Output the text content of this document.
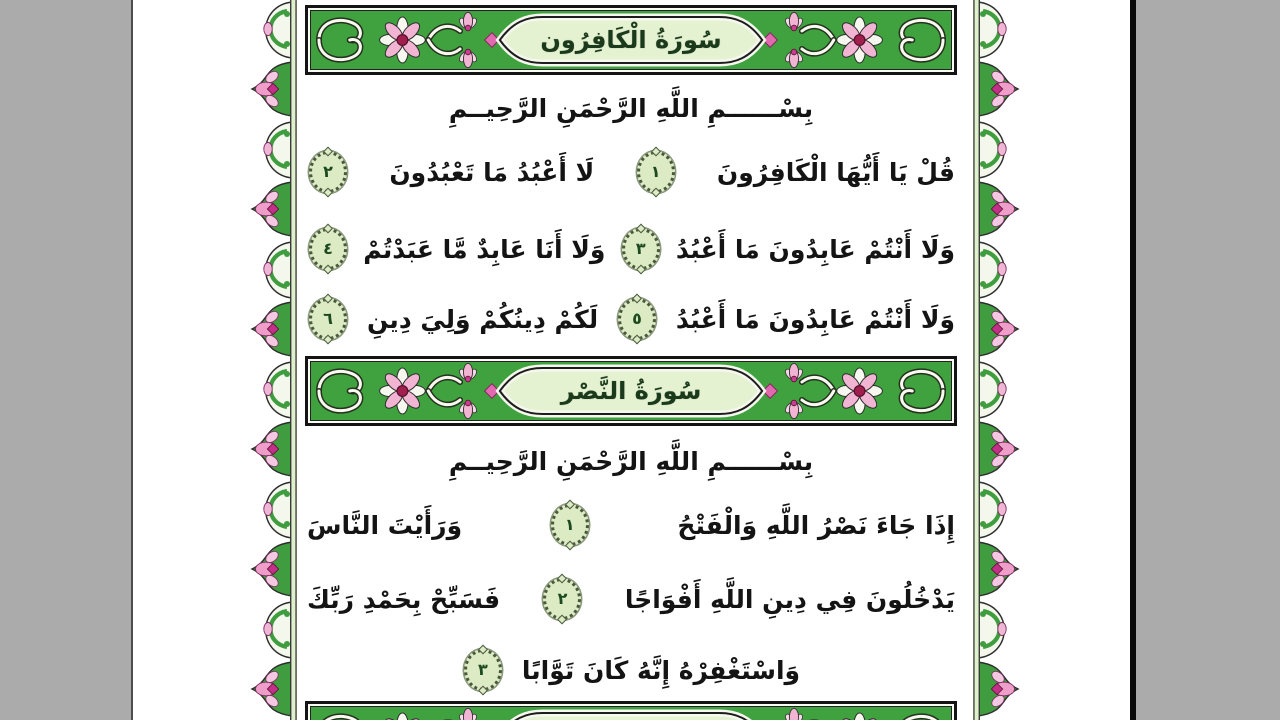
سُورَةُ الْكَافِرُون
بِسْــــــمِ اللَّهِ الرَّحْمَنِ الرَّحِيــمِ
قُلْ يَا أَيُّهَا الْكَافِرُونَ
١
لَا أَعْبُدُ مَا تَعْبُدُونَ
٢
وَلَا أَنْتُمْ عَابِدُونَ مَا أَعْبُدُ
٣
وَلَا أَنَا عَابِدٌ مَّا عَبَدْتُمْ
٤
وَلَا أَنْتُمْ عَابِدُونَ مَا أَعْبُدُ
٥
لَكُمْ دِينُكُمْ وَلِيَ دِينِ
٦
سُورَةُ النَّصْر
بِسْــــــمِ اللَّهِ الرَّحْمَنِ الرَّحِيــمِ
إِذَا جَاءَ نَصْرُ اللَّهِ وَالْفَتْحُ
١
وَرَأَيْتَ النَّاسَ
يَدْخُلُونَ فِي دِينِ اللَّهِ أَفْوَاجًا
٢
فَسَبِّحْ بِحَمْدِ رَبِّكَ
وَاسْتَغْفِرْهُ إِنَّهُ كَانَ تَوَّابًا
٣
